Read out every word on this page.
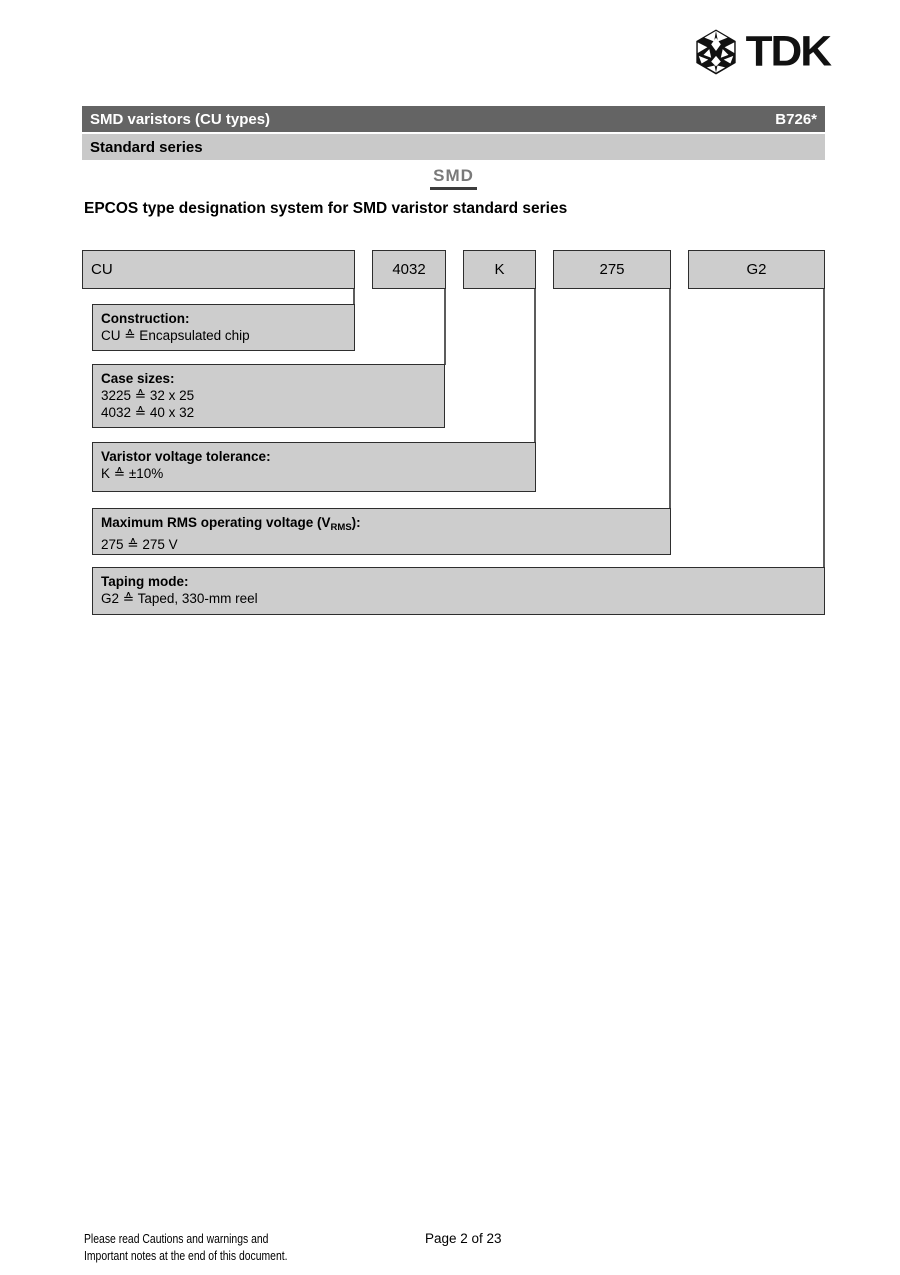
TDK
SMD varistors (CU types)	B726*
Standard series
SMD
EPCOS type designation system for SMD varistor standard series
CU	4032	K	275	G2
Construction:
CU ≙ Encapsulated chip
Case sizes:
3225 ≙ 32 x 25
4032 ≙ 40 x 32
Varistor voltage tolerance:
K ≙ ±10%
Maximum RMS operating voltage $(V_{RMS})$:
275 ≙ 275 V
Taping mode:
G2 ≙ Taped, 330-mm reel
Please read Cautions and warnings and
Important notes at the end of this document.
Page 2 of 23
